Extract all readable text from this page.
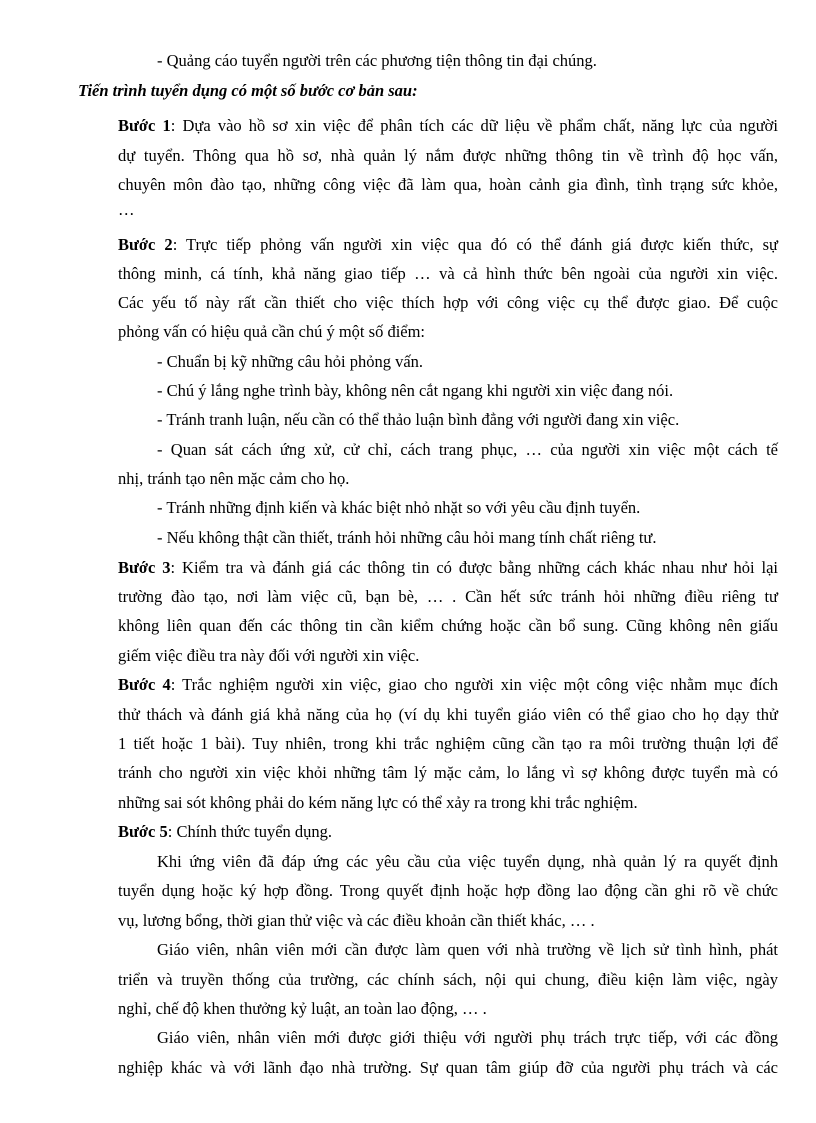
- Quảng cáo tuyển người trên các phương tiện thông tin đại chúng.
Tiến trình tuyển dụng có một số bước cơ bản sau:
Bước 1: Dựa vào hồ sơ xin việc để phân tích các dữ liệu về phẩm chất, năng lực của người
dự tuyển. Thông qua hồ sơ, nhà quản lý nắm được những thông tin về trình độ học vấn,
chuyên môn đào tạo, những công việc đã làm qua, hoàn cảnh gia đình, tình trạng sức khỏe,
…
Bước 2: Trực tiếp phỏng vấn người xin việc qua đó có thể đánh giá được kiến thức, sự
thông minh, cá tính, khả năng giao tiếp … và cả hình thức bên ngoài của người xin việc.
Các yếu tố này rất cần thiết cho việc thích hợp với công việc cụ thể được giao. Để cuộc
phỏng vấn có hiệu quả cần chú ý một số điểm:
- Chuẩn bị kỹ những câu hỏi phỏng vấn.
- Chú ý lắng nghe trình bày, không nên cắt ngang khi người xin việc đang nói.
- Tránh tranh luận, nếu cần có thể thảo luận bình đẳng với người đang xin việc.
- Quan sát cách ứng xử, cử chỉ, cách trang phục, … của người xin việc một cách tế
nhị, tránh tạo nên mặc cảm cho họ.
- Tránh những định kiến và khác biệt nhỏ nhặt so với yêu cầu định tuyển.
- Nếu không thật cần thiết, tránh hỏi những câu hỏi mang tính chất riêng tư.
Bước 3: Kiểm tra và đánh giá các thông tin có được bằng những cách khác nhau như hỏi lại
trường đào tạo, nơi làm việc cũ, bạn bè, … . Cần hết sức tránh hỏi những điều riêng tư
không liên quan đến các thông tin cần kiểm chứng hoặc cần bổ sung. Cũng không nên giấu
giếm việc điều tra này đối với người xin việc.
Bước 4: Trắc nghiệm người xin việc, giao cho người xin việc một công việc nhằm mục đích
thử thách và đánh giá khả năng của họ (ví dụ khi tuyển giáo viên có thể giao cho họ dạy thử
1 tiết hoặc 1 bài). Tuy nhiên, trong khi trắc nghiệm cũng cần tạo ra môi trường thuận lợi để
tránh cho người xin việc khỏi những tâm lý mặc cảm, lo lắng vì sợ không được tuyển mà có
những sai sót không phải do kém năng lực có thể xảy ra trong khi trắc nghiệm.
Bước 5: Chính thức tuyển dụng.
Khi ứng viên đã đáp ứng các yêu cầu của việc tuyển dụng, nhà quản lý ra quyết định
tuyển dụng hoặc ký hợp đồng. Trong quyết định hoặc hợp đồng lao động cần ghi rõ về chức
vụ, lương bổng, thời gian thử việc và các điều khoản cần thiết khác, … .
Giáo viên, nhân viên mới cần được làm quen với nhà trường về lịch sử tình hình, phát
triển và truyền thống của trường, các chính sách, nội qui chung, điều kiện làm việc, ngày
nghỉ, chế độ khen thưởng kỷ luật, an toàn lao động, … .
Giáo viên, nhân viên mới được giới thiệu với người phụ trách trực tiếp, với các đồng
nghiệp khác và với lãnh đạo nhà trường. Sự quan tâm giúp đỡ của người phụ trách và các
